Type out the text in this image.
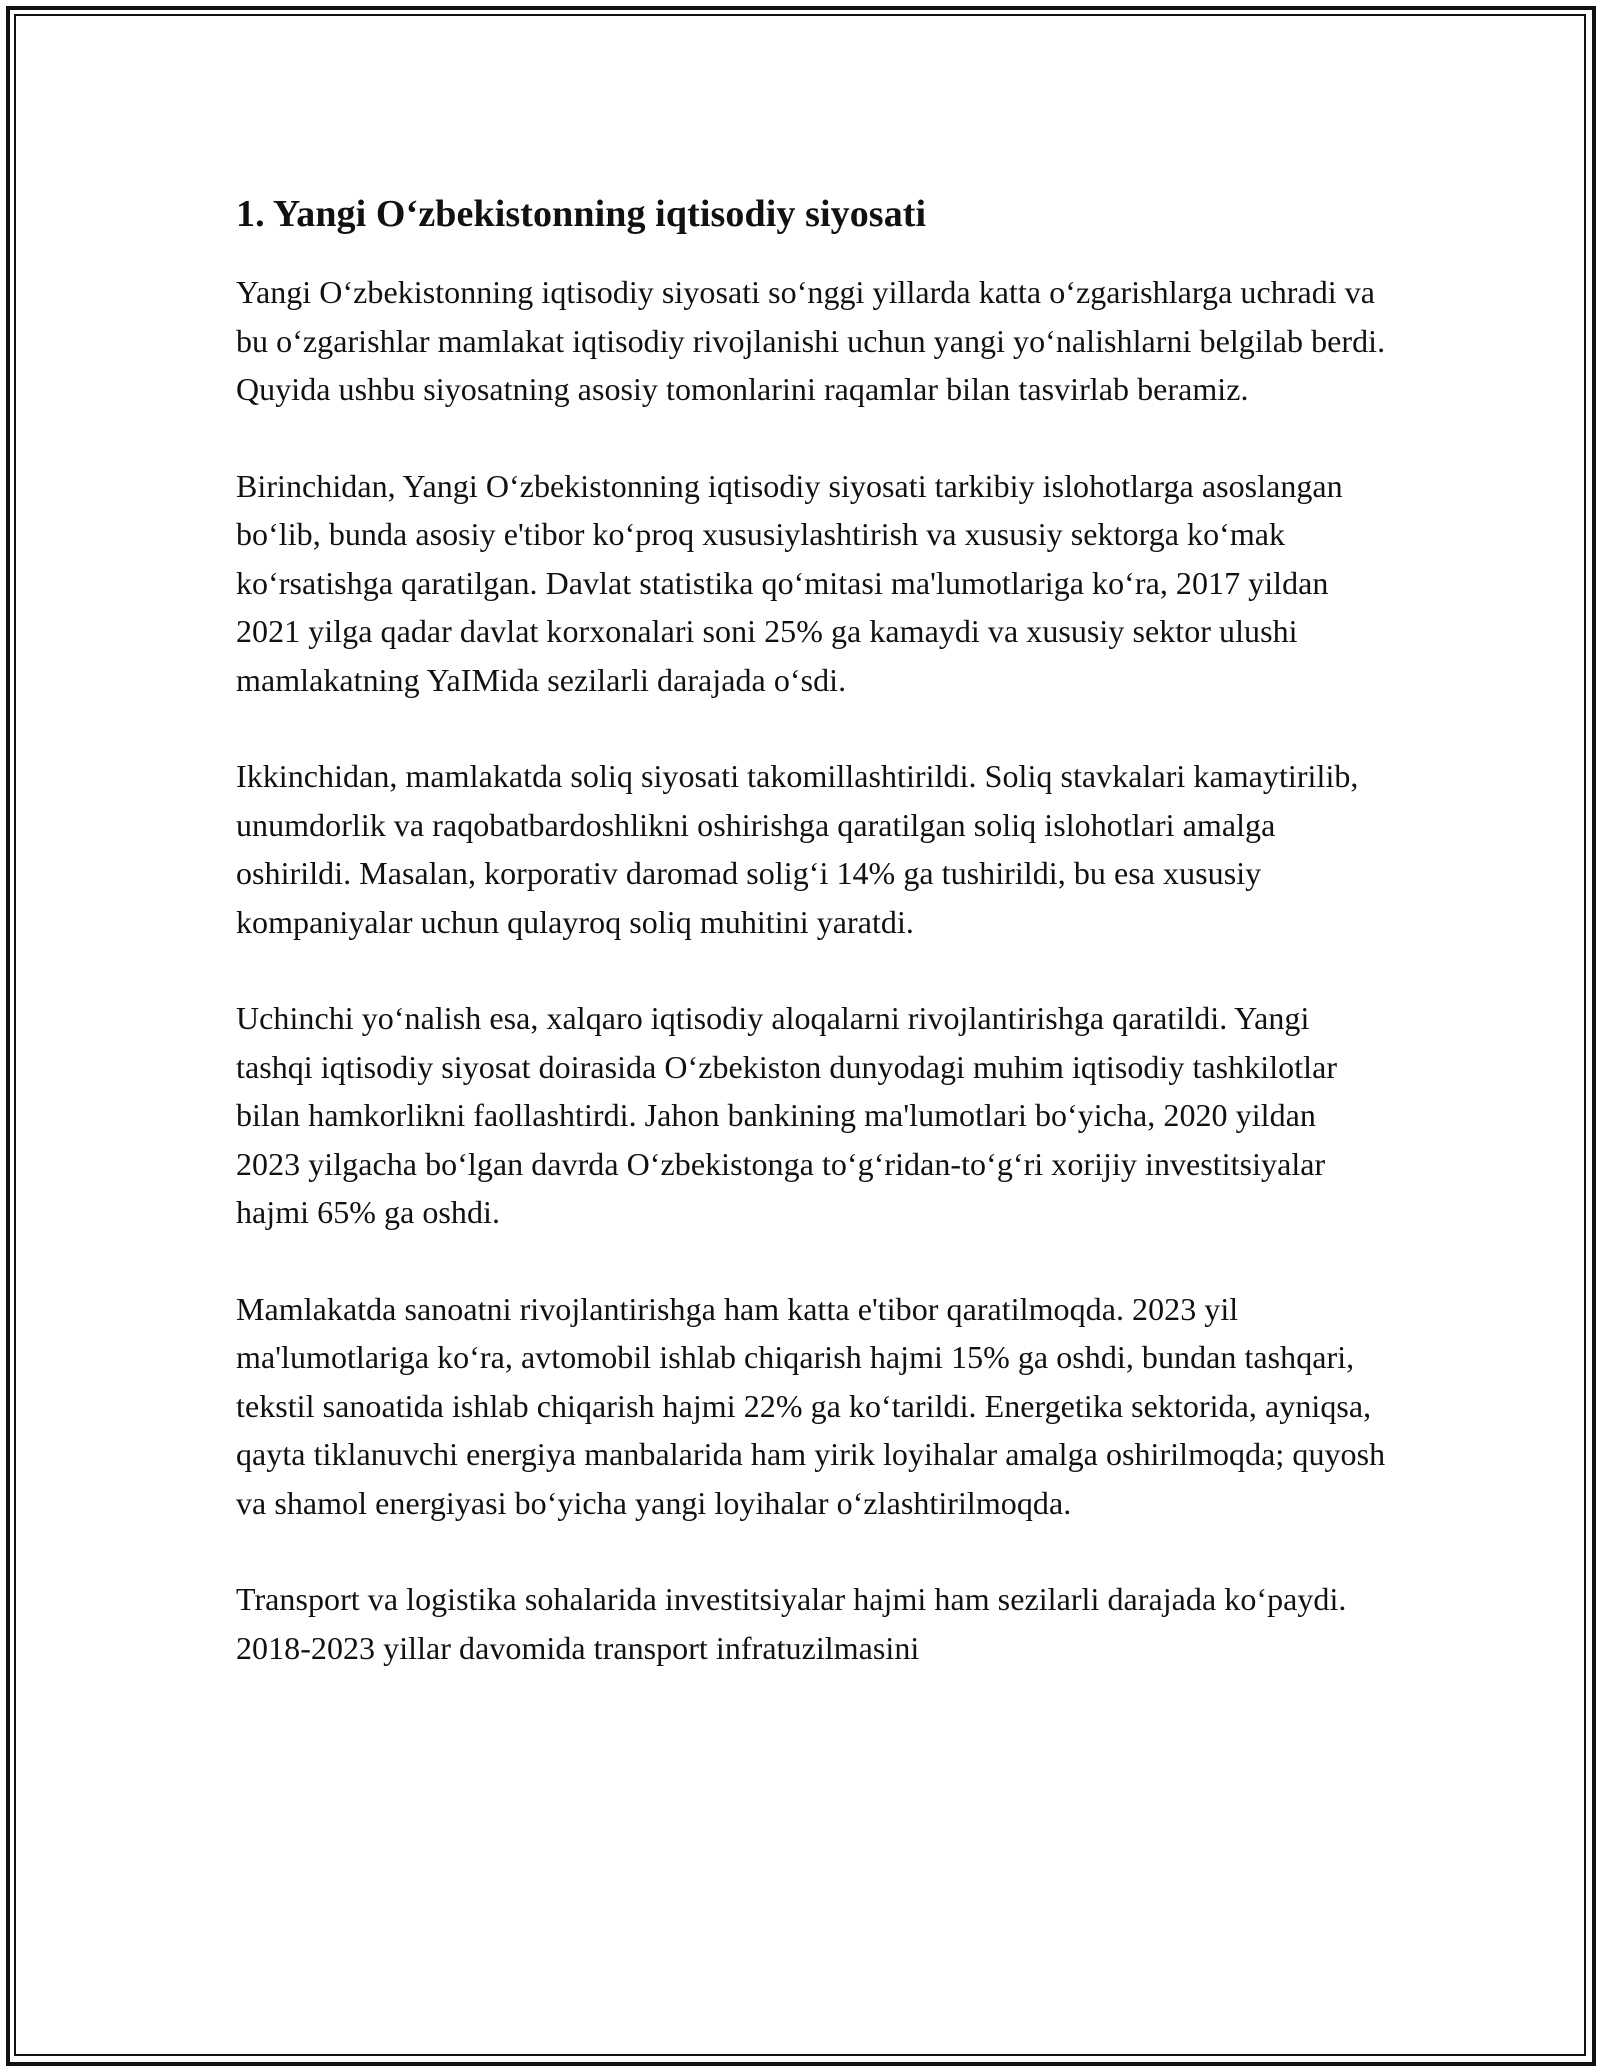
1. Yangi O‘zbekistonning iqtisodiy siyosati

Yangi O‘zbekistonning iqtisodiy siyosati so‘nggi yillarda katta o‘zgarishlarga uchradi va bu o‘zgarishlar mamlakat iqtisodiy rivojlanishi uchun yangi yo‘nalishlarni belgilab berdi. Quyida ushbu siyosatning asosiy tomonlarini raqamlar bilan tasvirlab beramiz.

Birinchidan, Yangi O‘zbekistonning iqtisodiy siyosati tarkibiy islohotlarga asoslangan bo‘lib, bunda asosiy e'tibor ko‘proq xususiylashtirish va xususiy sektorga ko‘mak ko‘rsatishga qaratilgan. Davlat statistika qo‘mitasi ma'lumotlariga ko‘ra, 2017 yildan 2021 yilga qadar davlat korxonalari soni 25% ga kamaydi va xususiy sektor ulushi mamlakatning YaIMida sezilarli darajada o‘sdi.

Ikkinchidan, mamlakatda soliq siyosati takomillashtirildi. Soliq stavkalari kamaytirilib, unumdorlik va raqobatbardoshlikni oshirishga qaratilgan soliq islohotlari amalga oshirildi. Masalan, korporativ daromad solig‘i 14% ga tushirildi, bu esa xususiy kompaniyalar uchun qulayroq soliq muhitini yaratdi.

Uchinchi yo‘nalish esa, xalqaro iqtisodiy aloqalarni rivojlantirishga qaratildi. Yangi tashqi iqtisodiy siyosat doirasida O‘zbekiston dunyodagi muhim iqtisodiy tashkilotlar bilan hamkorlikni faollashtirdi. Jahon bankining ma'lumotlari bo‘yicha, 2020 yildan 2023 yilgacha bo‘lgan davrda O‘zbekistonga to‘g‘ridan-to‘g‘ri xorijiy investitsiyalar hajmi 65% ga oshdi.

Mamlakatda sanoatni rivojlantirishga ham katta e'tibor qaratilmoqda. 2023 yil ma'lumotlariga ko‘ra, avtomobil ishlab chiqarish hajmi 15% ga oshdi, bundan tashqari, tekstil sanoatida ishlab chiqarish hajmi 22% ga ko‘tarildi. Energetika sektorida, ayniqsa, qayta tiklanuvchi energiya manbalarida ham yirik loyihalar amalga oshirilmoqda; quyosh va shamol energiyasi bo‘yicha yangi loyihalar o‘zlashtirilmoqda.

Transport va logistika sohalarida investitsiyalar hajmi ham sezilarli darajada ko‘paydi. 2018-2023 yillar davomida transport infratuzilmasini
